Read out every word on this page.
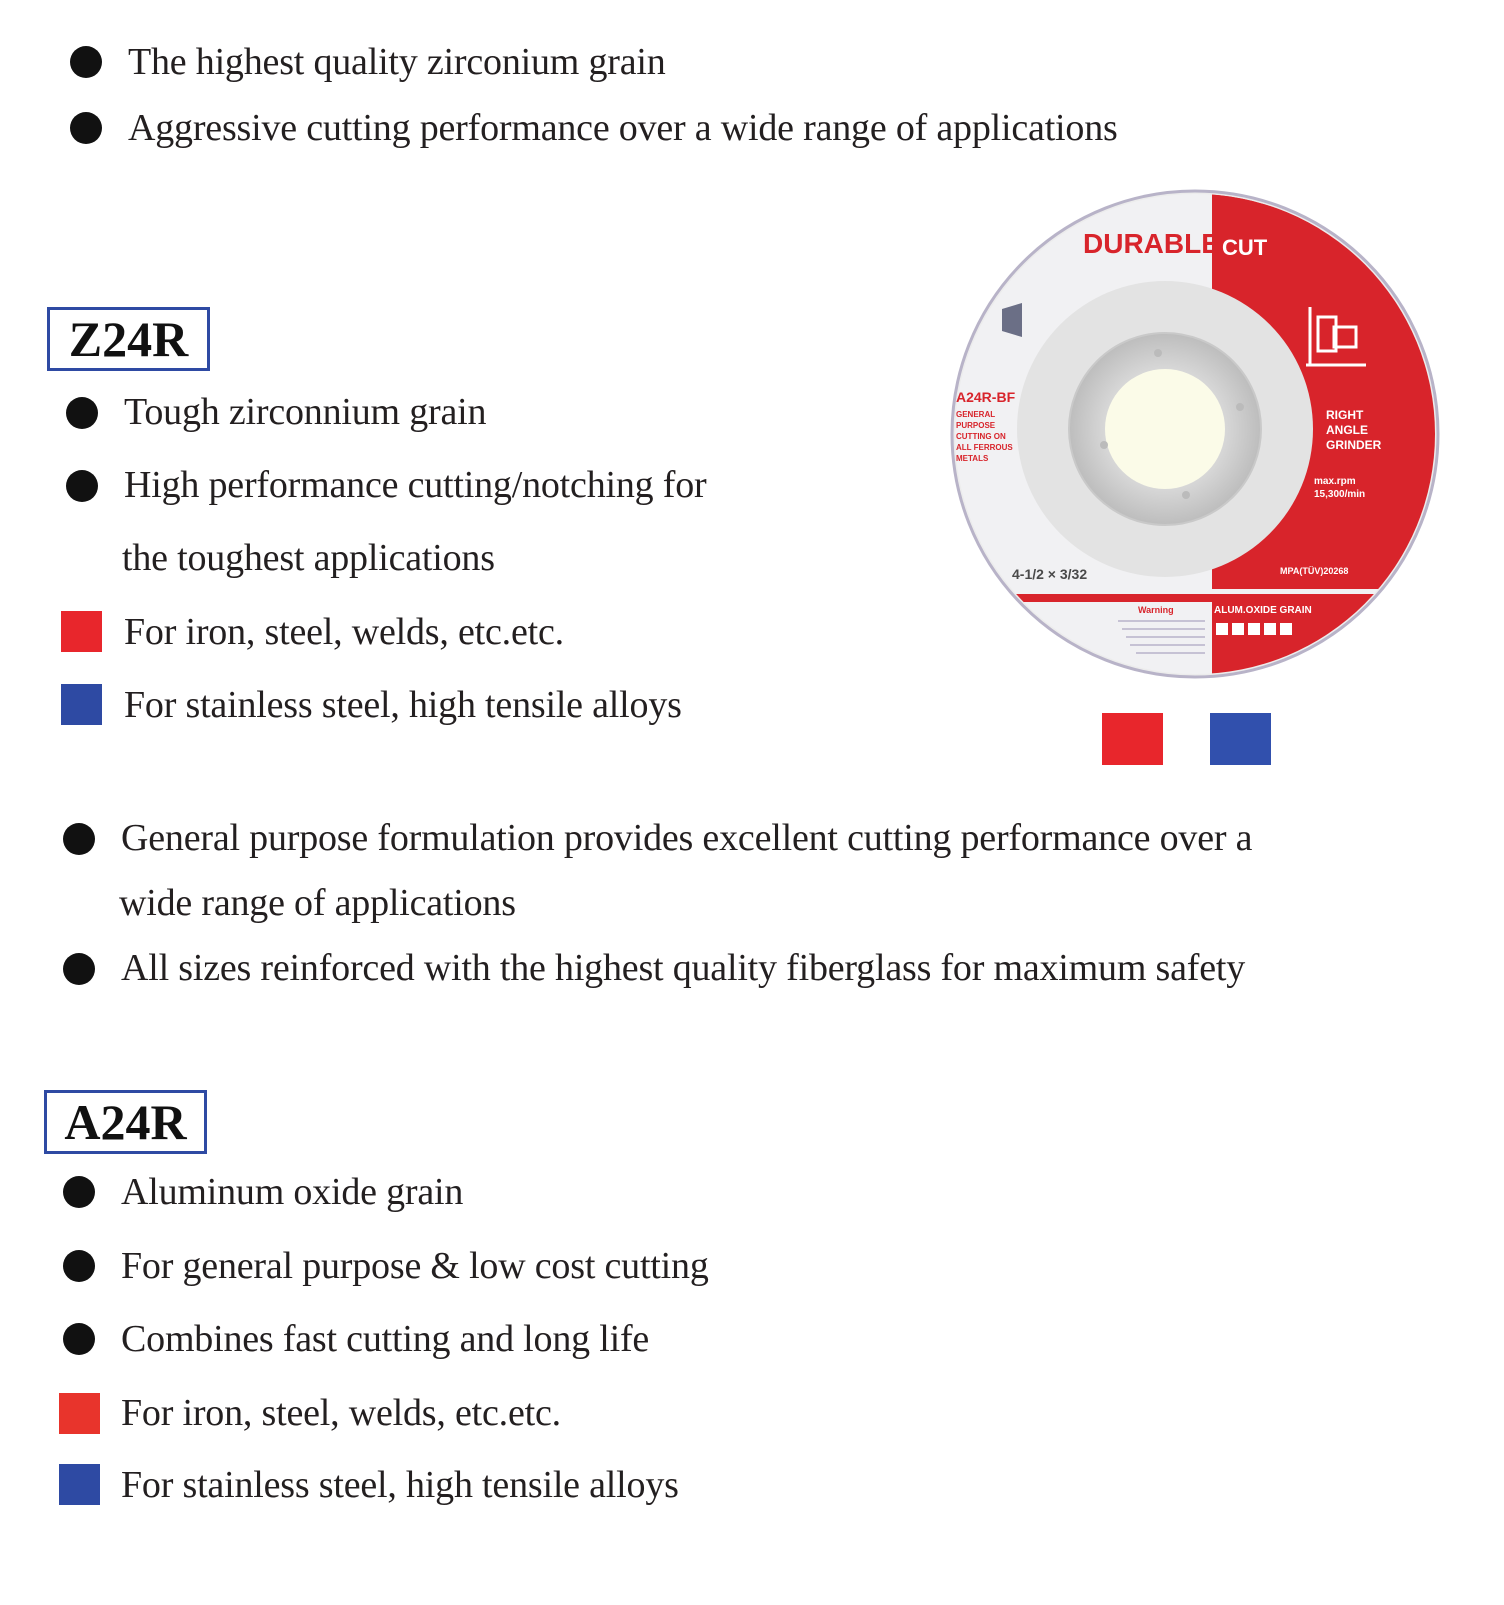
The highest quality zirconium grain
Aggressive cutting performance over a wide range of applications
Z24R
Tough zirconnium grain
High performance cutting/notching for
the toughest applications
For iron, steel, welds, etc.etc.
For stainless steel, high tensile alloys
DURABLE CUT
A24R-BF
GENERAL
PURPOSE
CUTTING ON
ALL FERROUS
METALS
RIGHT
ANGLE
GRINDER
max.rpm
15,300/min
4-1/2 × 3/32	MPA(TÜV)20268
Warning	ALUM.OXIDE GRAIN
General purpose formulation provides excellent cutting performance over a
wide range of applications
All sizes reinforced with the highest quality fiberglass for maximum safety
A24R
Aluminum oxide grain
For general purpose & low cost cutting
Combines fast cutting and long life
For iron, steel, welds, etc.etc.
For stainless steel, high tensile alloys
